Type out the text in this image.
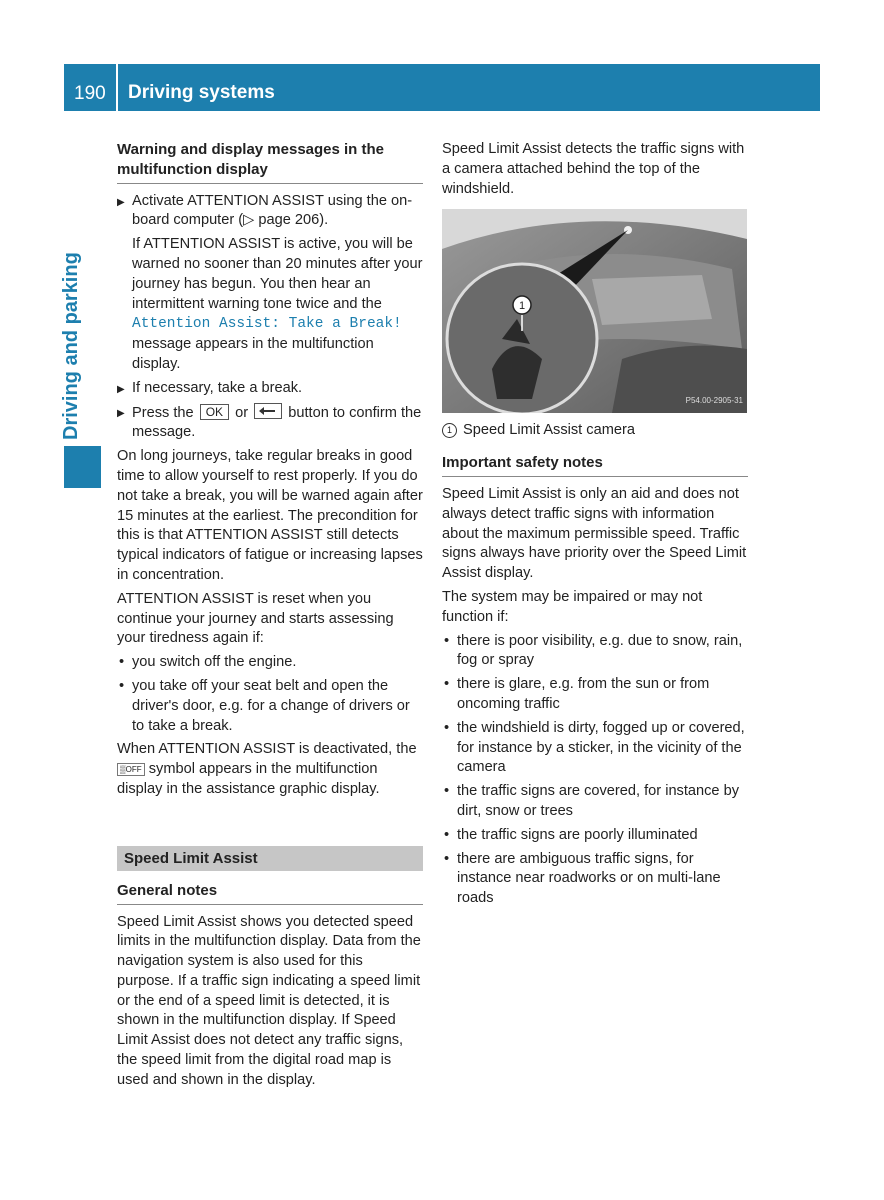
190 Driving systems
Driving and parking
Warning and display messages in the multifunction display
▶ Activate ATTENTION ASSIST using the on-board computer (▷ page 206).
If ATTENTION ASSIST is active, you will be warned no sooner than 20 minutes after your journey has begun. You then hear an intermittent warning tone twice and the Attention Assist: Take a Break! message appears in the multifunction display.
▶ If necessary, take a break.
▶ Press the OK or	button to confirm the message.

On long journeys, take regular breaks in good time to allow yourself to rest properly. If you do not take a break, you will be warned again after 15 minutes at the earliest. The precondition for this is that ATTENTION ASSIST still detects typical indicators of fatigue or increasing lapses in concentration.

ATTENTION ASSIST is reset when you continue your journey and starts assessing your tiredness again if:

• you switch off the engine.
• you take off your seat belt and open the driver's door, e.g. for a change of drivers or to take a break.

When ATTENTION ASSIST is deactivated, the ▒OFF symbol appears in the multifunction display in the assistance graphic display.

Speed Limit Assist
General notes

Speed Limit Assist shows you detected speed limits in the multifunction display. Data from the navigation system is also used for this purpose. If a traffic sign indicating a speed limit or the end of a speed limit is detected, it is shown in the multifunction display. If Speed Limit Assist does not detect any traffic signs, the speed limit from the digital road map is used and shown in the display.

Speed Limit Assist detects the traffic signs with a camera attached behind the top of the windshield.

1
P54.00-2905-31

1 Speed Limit Assist camera

Important safety notes

Speed Limit Assist is only an aid and does not always detect traffic signs with information about the maximum permissible speed. Traffic signs always have priority over the Speed Limit Assist display.

The system may be impaired or may not function if:

• there is poor visibility, e.g. due to snow, rain, fog or spray
• there is glare, e.g. from the sun or from oncoming traffic
• the windshield is dirty, fogged up or covered, for instance by a sticker, in the vicinity of the camera
• the traffic signs are covered, for instance by dirt, snow or trees
• the traffic signs are poorly illuminated
• there are ambiguous traffic signs, for instance near roadworks or on multi-lane roads
